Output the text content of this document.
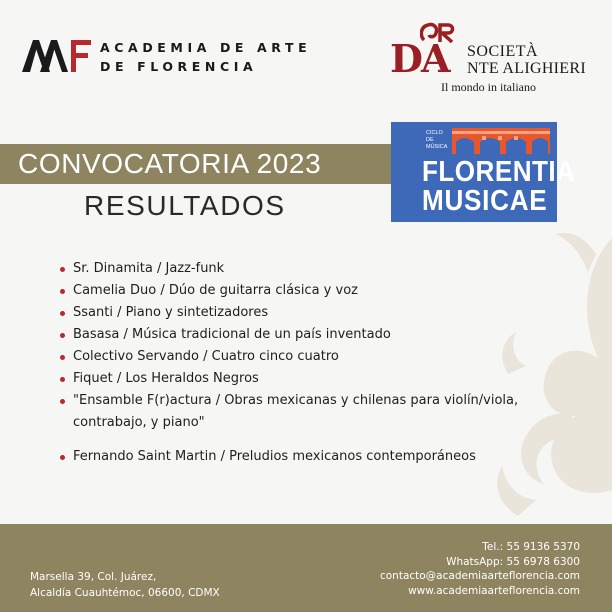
ACADEMIA DE ARTE
DE FLORENCIA	DA SOCIETÀ
NTE ALIGHIERI
Il mondo in italiano
CONVOCATORIA 2023
RESULTADOS
CICLO
DE
MÚSICA
FLORENTIA
MUSICAE
Sr. Dinamita / Jazz-funk
Camelia Duo / Dúo de guitarra clásica y voz
Ssanti / Piano y sintetizadores
Basasa / Música tradicional de un país inventado
Colectivo Servando / Cuatro cinco cuatro
Fiquet / Los Heraldos Negros
"Ensamble F(r)actura / Obras mexicanas y chilenas para violín/viola, contrabajo, y piano"
Fernando Saint Martin / Preludios mexicanos contemporáneos
Marsella 39, Col. Juárez,
Alcaldía Cuauhtémoc, 06600, CDMX
Tel.: 55 9136 5370
WhatsApp: 55 6978 6300
contacto@academiaarteflorencia.com
www.academiaarteflorencia.com
